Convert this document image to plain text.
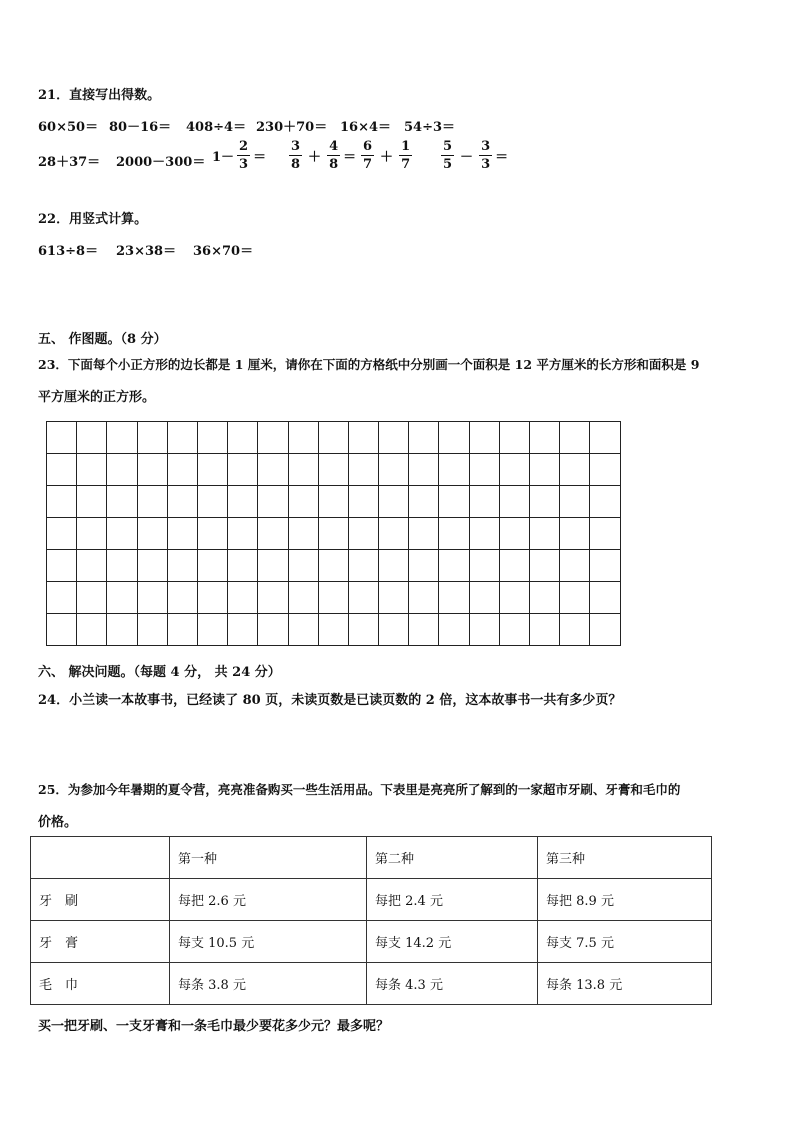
21．直接写出得数。
60×50＝ 80－16＝ 408÷4＝ 230＋70＝ 16×4＝ 54÷3＝
$28+37= 2000-300= 1- \frac{2}{3} = \frac{3}{8} + \frac{4}{8} = \frac{6}{7} + \frac{1}{7} \frac{5}{5} - \frac{3}{3}$ ＝
22．用竖式计算。
613÷8＝ 23×38＝ 36×70＝
五、 作图题。（8 分）
23．下面每个小正方形的边长都是 1 厘米，请你在下面的方格纸中分别画一个面积是 12 平方厘米的长方形和面积是 9
平方厘米的正方形。

六、 解决问题。（每题 4 分， 共 24 分）
24．小兰读一本故事书，已经读了 80 页，未读页数是已读页数的 2 倍，这本故事书一共有多少页？
25．为参加今年暑期的夏令营，亮亮准备购买一些生活用品。下表里是亮亮所了解到的一家超市牙刷、牙膏和毛巾的
价格。
	第一种	第二种	第三种
牙　刷	每把 2.6 元	每把 2.4 元	每把 8.9 元
牙　膏	每支 10.5 元	每支 14.2 元	每支 7.5 元
毛　巾	每条 3.8 元	每条 4.3 元	每条 13.8 元
买一把牙刷、一支牙膏和一条毛巾最少要花多少元？最多呢？
